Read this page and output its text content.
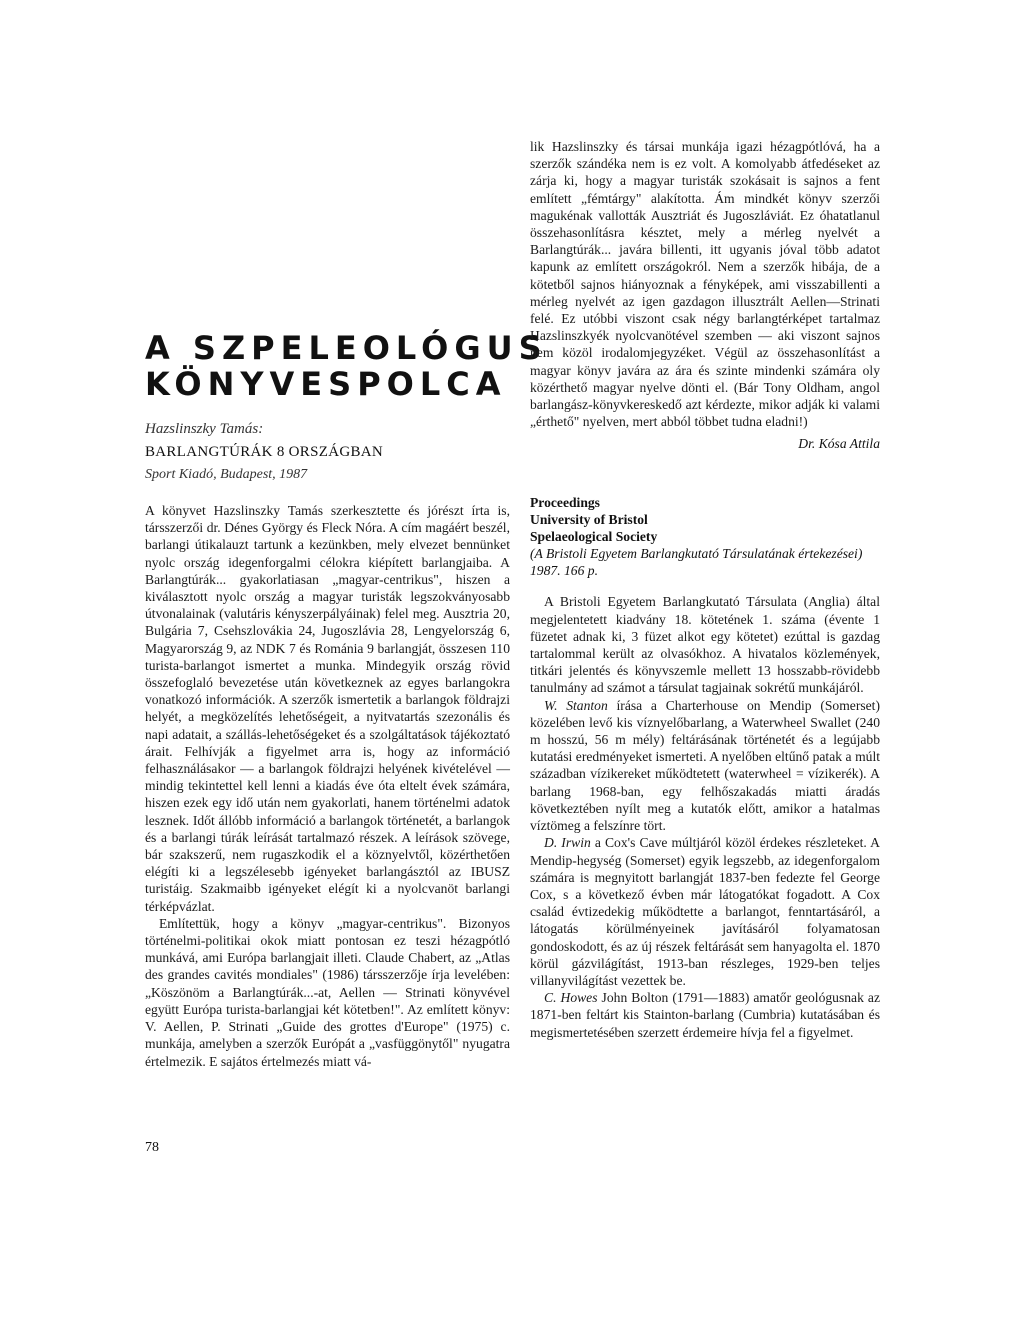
A SZPELEOLÓGUS
KÖNYVESPOLCA
Hazslinszky Tamás:
BARLANGTÚRÁK 8 ORSZÁGBAN
Sport Kiadó, Budapest, 1987

A könyvet Hazslinszky Tamás szerkesztette és jórészt írta is, társszerzői dr. Dénes György és Fleck Nóra. A cím magáért beszél, barlangi útikalauzt tartunk a kezünkben, mely elvezet bennünket nyolc ország idegenforgalmi célokra kiépített barlangjaiba. A Barlangtúrák... gyakorlatiasan „magyar-centrikus", hiszen a kiválasztott nyolc ország a magyar turisták legszokványosabb útvonalainak (valutáris kényszerpályáinak) felel meg. Ausztria 20, Bulgária 7, Csehszlovákia 24, Jugoszlávia 28, Lengyelország 6, Magyarország 9, az NDK 7 és Románia 9 barlangját, összesen 110 turista-barlangot ismertet a munka. Mindegyik ország rövid összefoglaló bevezetése után következnek az egyes barlangokra vonatkozó információk. A szerzők ismertetik a barlangok földrajzi helyét, a megközelítés lehetőségeit, a nyitvatartás szezonális és napi adatait, a szállás-lehetőségeket és a szolgáltatások tájékoztató árait. Felhívják a figyelmet arra is, hogy az információ felhasználásakor — a barlangok földrajzi helyének kivételével — mindig tekintettel kell lenni a kiadás éve óta eltelt évek számára, hiszen ezek egy idő után nem gyakorlati, hanem történelmi adatok lesznek. Időt állóbb információ a barlangok történetét, a barlangok és a barlangi túrák leírását tartalmazó részek. A leírások szövege, bár szakszerű, nem rugaszkodik el a köznyelvtől, közérthetően elégíti ki a legszélesebb igényeket barlangásztól az IBUSZ turistáig. Szakmaibb igényeket elégít ki a nyolcvanöt barlangi térképvázlat.

Említettük, hogy a könyv „magyar-centrikus". Bizonyos történelmi-politikai okok miatt pontosan ez teszi hézagpótló munkává, ami Európa barlangjait illeti. Claude Chabert, az „Atlas des grandes cavités mondiales" (1986) társszerzője írja levelében: „Köszönöm a Barlangtúrák...-at, Aellen — Strinati könyvével együtt Európa turista-barlangjai két kötetben!". Az említett könyv: V. Aellen, P. Strinati „Guide des grottes d'Europe" (1975) c. munkája, amelyben a szerzők Európát a „vasfüggönytől" nyugatra értelmezik. E sajátos értelmezés miatt vá-

lik Hazslinszky és társai munkája igazi hézagpótlóvá, ha a szerzők szándéka nem is ez volt. A komolyabb átfedéseket az zárja ki, hogy a magyar turisták szokásait is sajnos a fent említett „fémtárgy" alakította. Ám mindkét könyv szerzői magukénak vallották Ausztriát és Jugoszláviát. Ez óhatatlanul összehasonlításra késztet, mely a mérleg nyelvét a Barlangtúrák... javára billenti, itt ugyanis jóval több adatot kapunk az említett országokról. Nem a szerzők hibája, de a kötetből sajnos hiányoznak a fényképek, ami visszabillenti a mérleg nyelvét az igen gazdagon illusztrált Aellen—Strinati felé. Ez utóbbi viszont csak négy barlangtérképet tartalmaz Hazslinszkyék nyolcvanötével szemben — aki viszont sajnos nem közöl irodalomjegyzéket. Végül az összehasonlítást a magyar könyv javára az ára és szinte mindenki számára oly közérthető magyar nyelve dönti el. (Bár Tony Oldham, angol barlangász-könyvkereskedő azt kérdezte, mikor adják ki valami „érthető" nyelven, mert abból többet tudna eladni!)

Dr. Kósa Attila
Proceedings
University of Bristol
Spelaeological Society
(A Bristoli Egyetem Barlangkutató Társulatának értekezései)
1987. 166 p.

A Bristoli Egyetem Barlangkutató Társulata (Anglia) által megjelentetett kiadvány 18. kötetének 1. száma (évente 1 füzetet adnak ki, 3 füzet alkot egy kötetet) ezúttal is gazdag tartalommal került az olvasókhoz. A hivatalos közlemények, titkári jelentés és könyvszemle mellett 13 hosszabb-rövidebb tanulmány ad számot a társulat tagjainak sokrétű munkájáról.

W. Stanton írása a Charterhouse on Mendip (Somerset) közelében levő kis víznyelőbarlang, a Waterwheel Swallet (240 m hosszú, 56 m mély) feltárásának történetét és a legújabb kutatási eredményeket ismerteti. A nyelőben eltűnő patak a múlt században vízikereket működtetett (waterwheel = vízikerék). A barlang 1968-ban, egy felhőszakadás miatti áradás következtében nyílt meg a kutatók előtt, amikor a hatalmas víztömeg a felszínre tört.

D. Irwin a Cox's Cave múltjáról közöl érdekes részleteket. A Mendip-hegység (Somerset) egyik legszebb, az idegenforgalom számára is megnyitott barlangját 1837-ben fedezte fel George Cox, s a következő évben már látogatókat fogadott. A Cox család évtizedekig működtette a barlangot, fenntartásáról, a látogatás körülményeinek javításáról folyamatosan gondoskodott, és az új részek feltárását sem hanyagolta el. 1870 körül gázvilágítást, 1913-ban részleges, 1929-ben teljes villanyvilágítást vezettek be.

C. Howes John Bolton (1791—1883) amatőr geológusnak az 1871-ben feltárt kis Stainton-barlang (Cumbria) kutatásában és megismertetésében szerzett érdemeire hívja fel a figyelmet.

78
